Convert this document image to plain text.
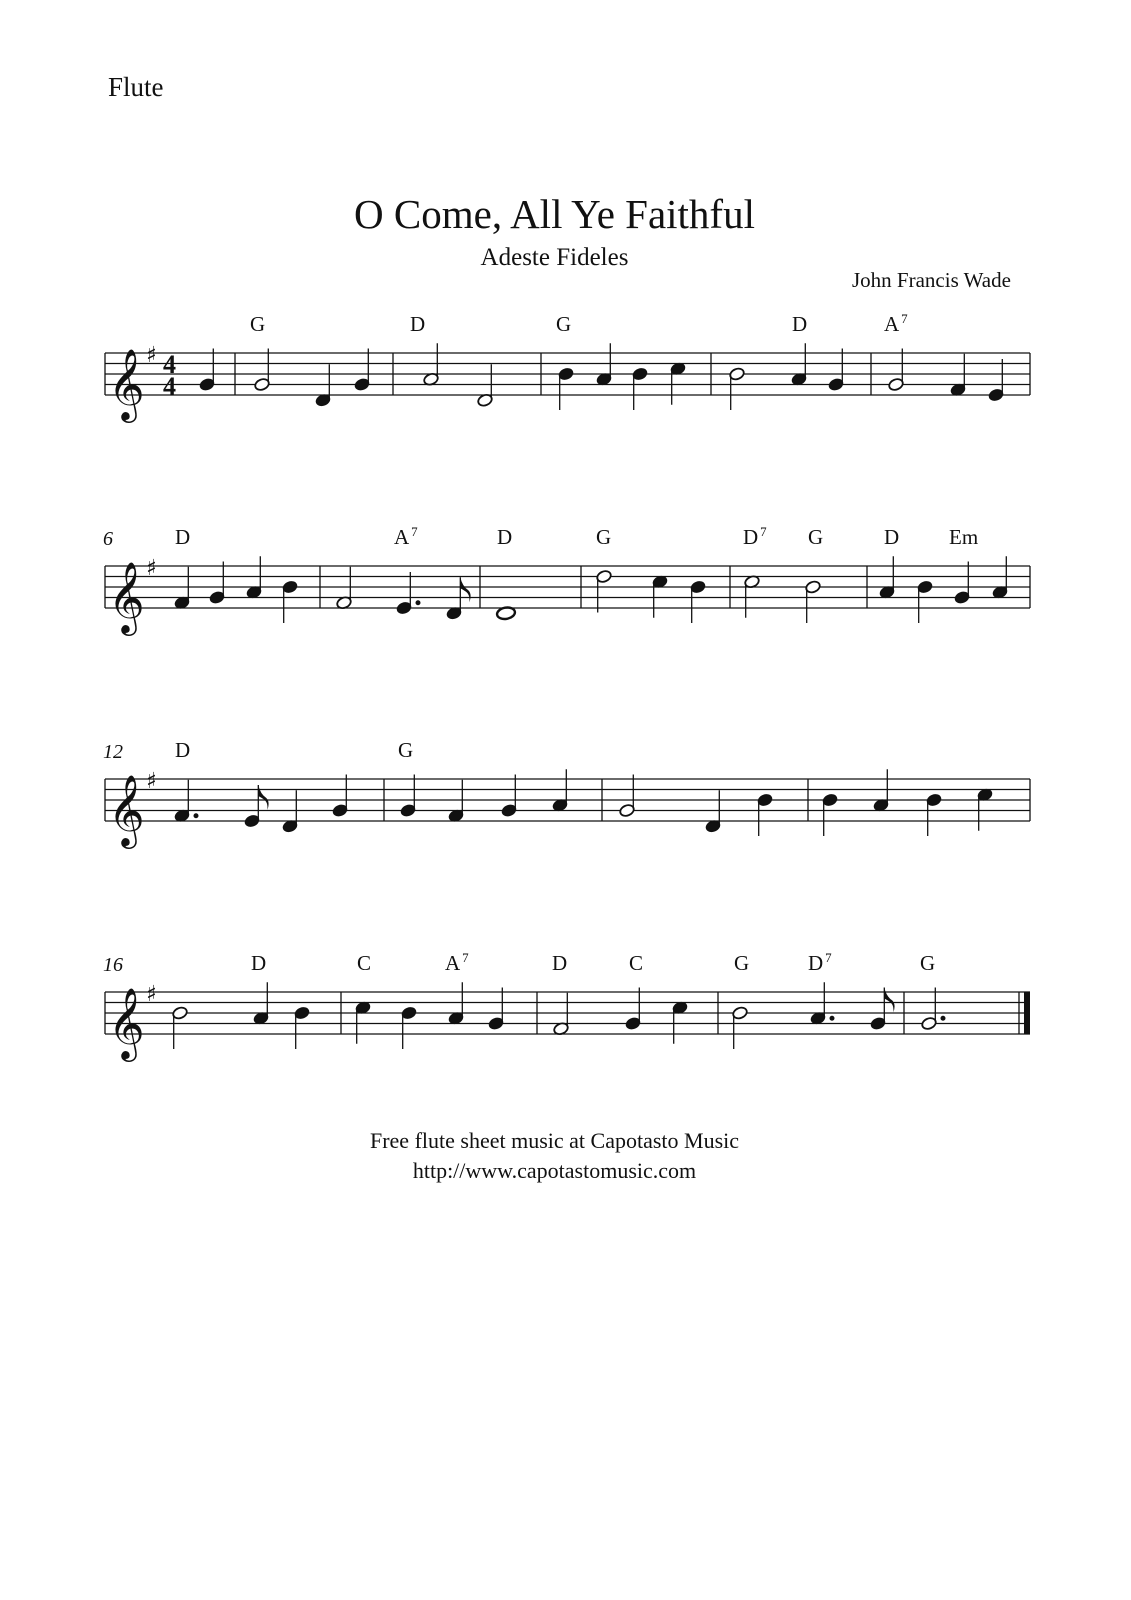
Flute
O Come, All Ye Faithful
Adeste Fideles
John Francis Wade
𝄞 ♯ 4
4
G	D	G	D	A $^7$
𝄞 ♯
6	D	A $^7$	D	G	D $^7$ G	D Em
𝄞 ♯
12 D	G
𝄞 ♯
16	D	C	A $^7$	D	C	G	D $^7$	G
Free flute sheet music at Capotasto Music
http://www.capotastomusic.com
